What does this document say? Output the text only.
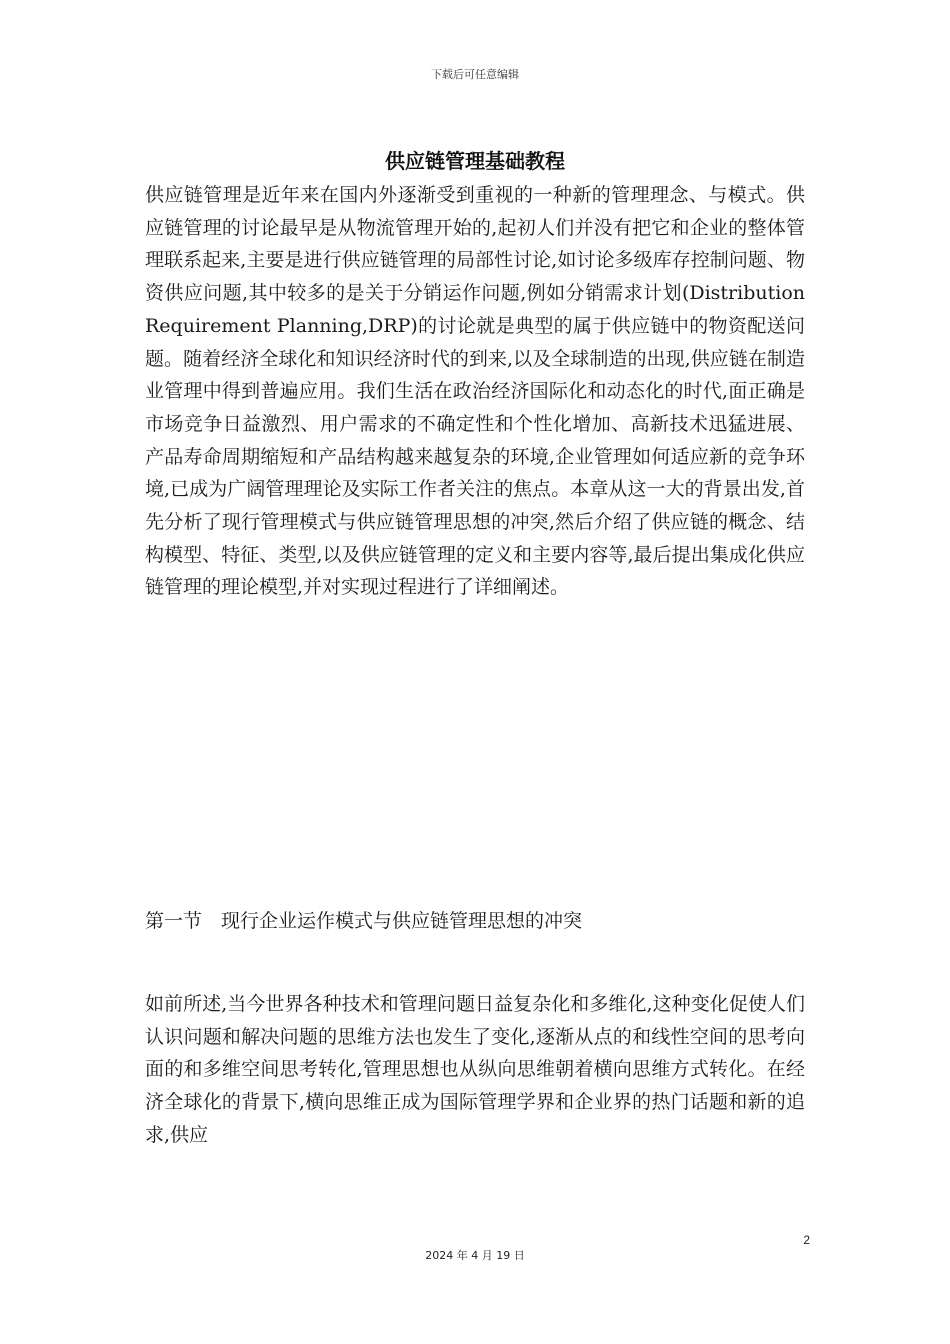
下载后可任意编辑
供应链管理基础教程

供应链管理是近年来在国内外逐渐受到重视的一种新的管理理念、与模式。供应链管理的讨论最早是从物流管理开始的,起初人们并没有把它和企业的整体管理联系起来,主要是进行供应链管理的局部性讨论,如讨论多级库存控制问题、物资供应问题,其中较多的是关于分销运作问题,例如分销需求计划(Distribution Requirement Planning,DRP)的讨论就是典型的属于供应链中的物资配送问题。随着经济全球化和知识经济时代的到来,以及全球制造的出现,供应链在制造业管理中得到普遍应用。我们生活在政治经济国际化和动态化的时代,面正确是市场竞争日益激烈、用户需求的不确定性和个性化增加、高新技术迅猛进展、产品寿命周期缩短和产品结构越来越复杂的环境,企业管理如何适应新的竞争环境,已成为广阔管理理论及实际工作者关注的焦点。本章从这一大的背景出发,首先分析了现行管理模式与供应链管理思想的冲突,然后介绍了供应链的概念、结构模型、特征、类型,以及供应链管理的定义和主要内容等,最后提出集成化供应链管理的理论模型,并对实现过程进行了详细阐述。

第一节　现行企业运作模式与供应链管理思想的冲突

如前所述,当今世界各种技术和管理问题日益复杂化和多维化,这种变化促使人们认识问题和解决问题的思维方法也发生了变化,逐渐从点的和线性空间的思考向面的和多维空间思考转化,管理思想也从纵向思维朝着横向思维方式转化。在经济全球化的背景下,横向思维正成为国际管理学界和企业界的热门话题和新的追求,供应

2
2024 年 4 月 19 日
